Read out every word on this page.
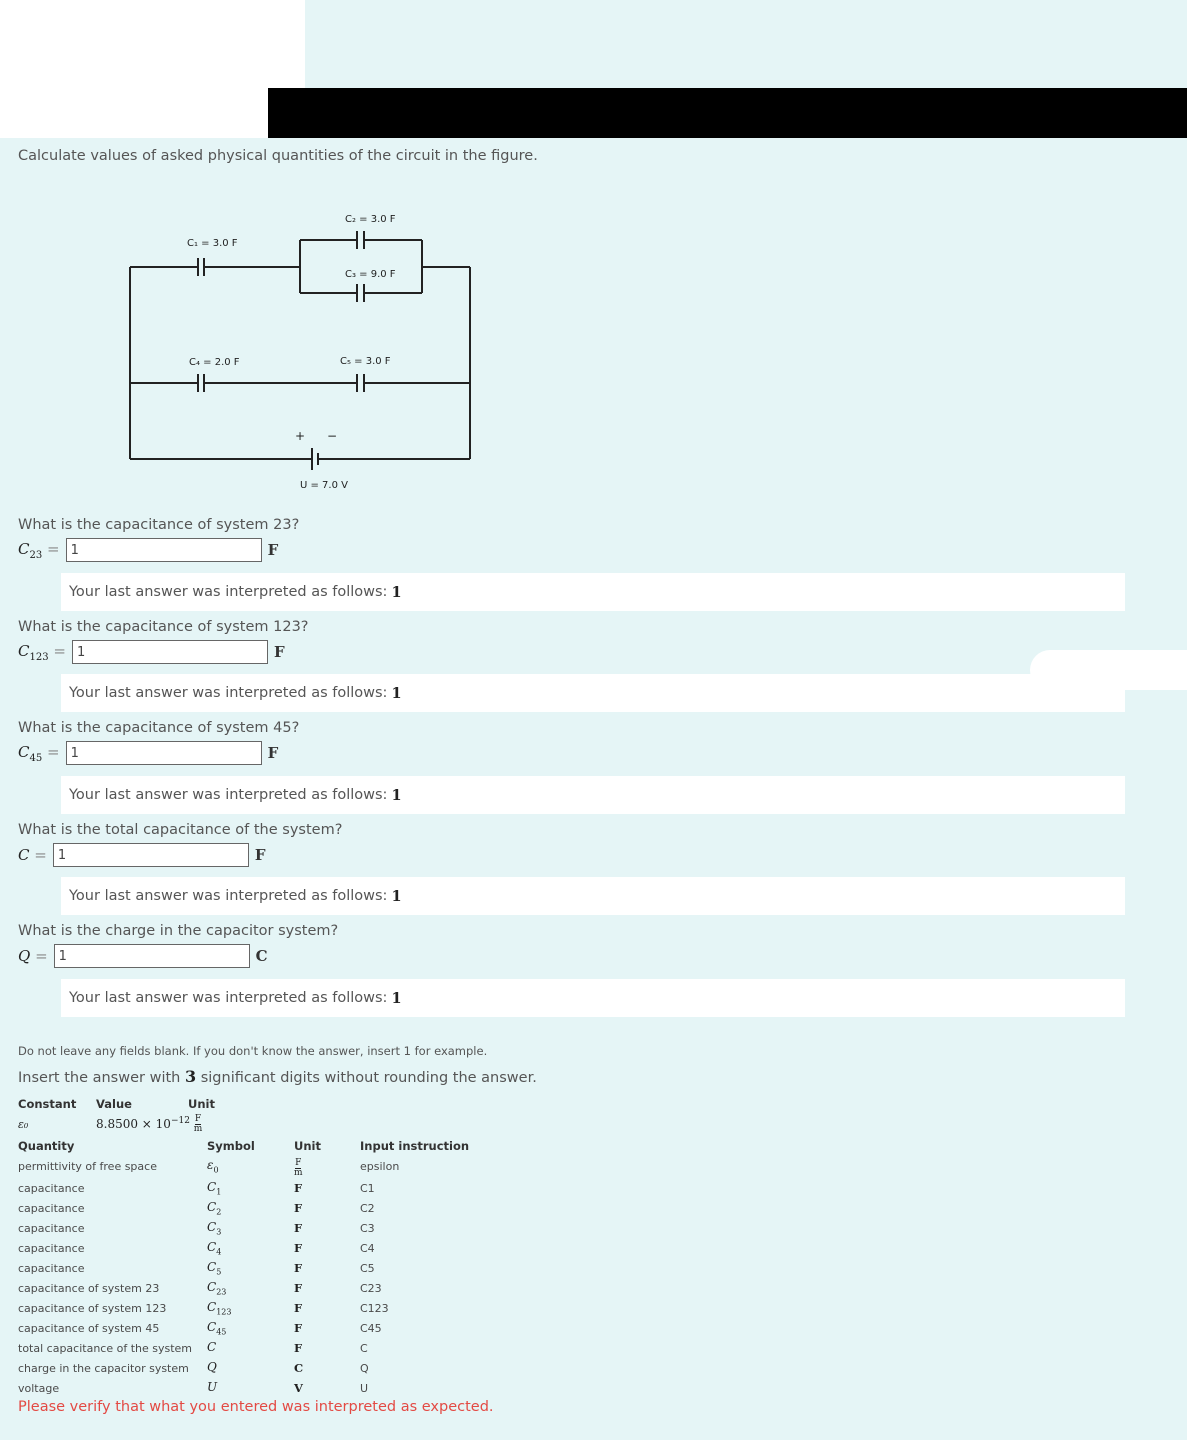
Calculate values of asked physical quantities of the circuit in the figure.
C₁ = 3.0 F
C₂ = 3.0 F
C₃ = 9.0 F
C₄ = 2.0 F	C₅ = 3.0 F
+ −
U = 7.0 V
What is the capacitance of system 23?
$C_{23}$ =
1	F
Your last answer was interpreted as follows: 1
What is the capacitance of system 123?
$C_{123}$ =
1	F
Your last answer was interpreted as follows: 1
What is the capacitance of system 45?
$C_{45}$ =
1	F
Your last answer was interpreted as follows: 1
What is the total capacitance of the system?
C =
1	F
Your last answer was interpreted as follows: 1
What is the charge in the capacitor system?
Q =
1	C
Your last answer was interpreted as follows: 1
Do not leave any fields blank. If you don't know the answer, insert 1 for example.
Insert the answer with 3 significant digits without rounding the answer.
Constant	Value	Unit
ε₀	$8.8500 \times 10^{-12} \frac{F}{m}$
Quantity	Symbol	Unit	Input instruction
permittivity of free space	$\varepsilon_0$	$\frac{F}{m}$	epsilon
capacitance	$C_1$	F	C1
capacitance	$C_2$	F	C2
capacitance	$C_3$	F	C3
capacitance	$C_4$	F	C4
capacitance	$C_5$	F	C5
capacitance of system 23	$C_{23}$	F	C23
capacitance of system 123	$C_{123}$	F	C123
capacitance of system 45	$C_{45}$	F	C45
total capacitance of the system	C	F	C
charge in the capacitor system	Q	C	Q
voltage	U	V	U
Please verify that what you entered was interpreted as expected.
